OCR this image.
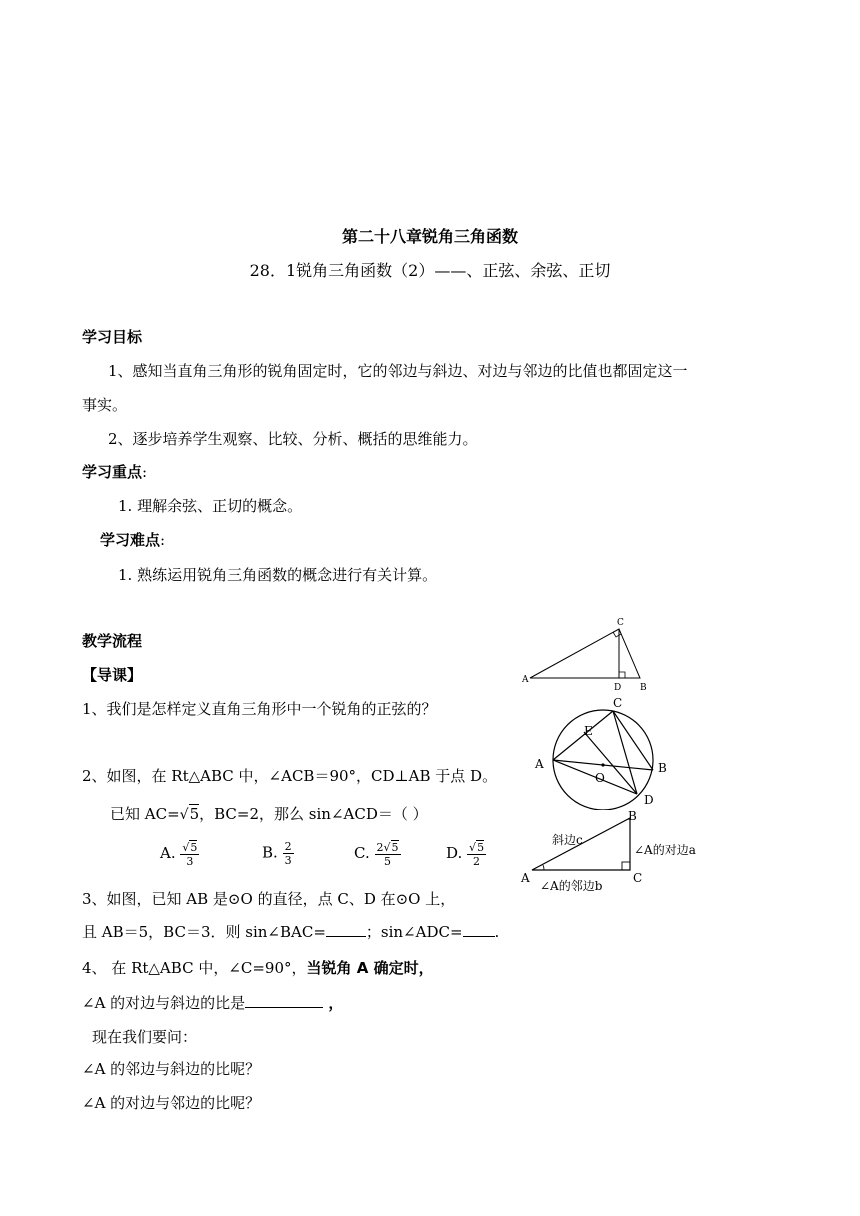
第二十八章锐角三角函数
28．1锐角三角函数（2）——、正弦、余弦、正切
学习目标
1、感知当直角三角形的锐角固定时，它的邻边与斜边、对边与邻边的比值也都固定这一
事实。
2、逐步培养学生观察、比较、分析、概括的思维能力。
学习重点:
1. 理解余弦、正切的概念。
学习难点:
1. 熟练运用锐角三角函数的概念进行有关计算。
教学流程
【导课】
1、我们是怎样定义直角三角形中一个锐角的正弦的？
2、如图，在 Rt△ABC 中，∠ACB＝90°，CD⊥AB 于点 D。
已知 AC=√5，BC=2，那么 sin∠ACD＝（ ）
A. $\frac{√5}{3}$	B. $\frac{2}{3}$	C. $\frac{2√5}{5}$	D. $\frac{√5}{2}$
3、如图，已知 AB 是⊙O 的直径，点 C、D 在⊙O 上，
且 AB＝5，BC＝3．则 sin∠BAC=	；sin∠ADC= .
4、 在 Rt△ABC 中，∠C=90°，当锐角 A 确定时，
∠A 的对边与斜边的比是	，
现在我们要问：
∠A 的邻边与斜边的比呢？
∠A 的对边与邻边的比呢？
A
C
D B
A	B
C
D
E
O
A
B
C
斜边c
∠A的对边a
∠A的邻边b
